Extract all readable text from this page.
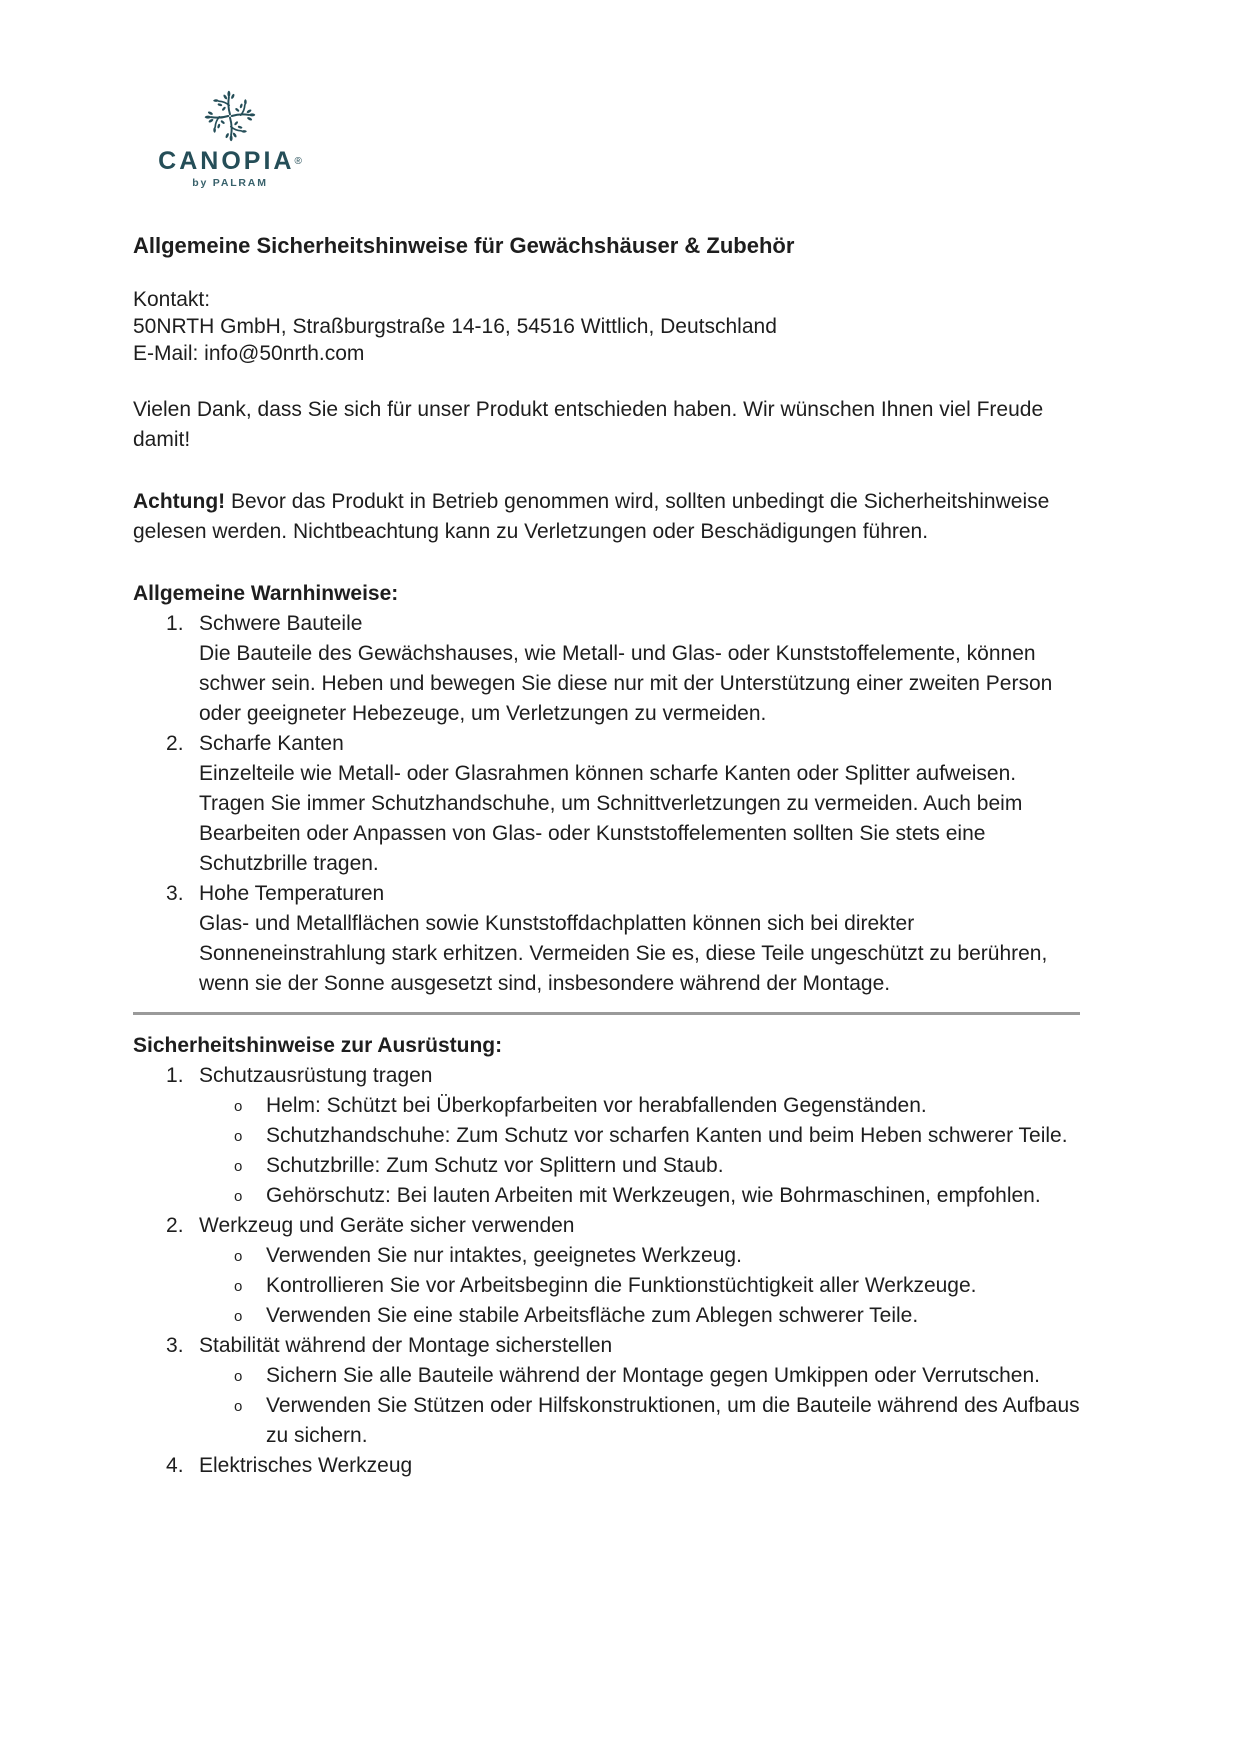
CANOPIA®
by PALRAM
Allgemeine Sicherheitshinweise für Gewächshäuser & Zubehör
Kontakt:
50NRTH GmbH, Straßburgstraße 14-16, 54516 Wittlich, Deutschland
E-Mail: info@50nrth.com

Vielen Dank, dass Sie sich für unser Produkt entschieden haben. Wir wünschen Ihnen viel Freude damit!

Achtung! Bevor das Produkt in Betrieb genommen wird, sollten unbedingt die Sicherheitshinweise gelesen werden. Nichtbeachtung kann zu Verletzungen oder Beschädigungen führen.

Allgemeine Warnhinweise:
Schwere Bauteile
Die Bauteile des Gewächshauses, wie Metall- und Glas- oder Kunststoffelemente, können schwer sein. Heben und bewegen Sie diese nur mit der Unterstützung einer zweiten Person oder geeigneter Hebezeuge, um Verletzungen zu vermeiden.
Scharfe Kanten
Einzelteile wie Metall- oder Glasrahmen können scharfe Kanten oder Splitter aufweisen. Tragen Sie immer Schutzhandschuhe, um Schnittverletzungen zu vermeiden. Auch beim Bearbeiten oder Anpassen von Glas- oder Kunststoffelementen sollten Sie stets eine Schutzbrille tragen.
Hohe Temperaturen
Glas- und Metallflächen sowie Kunststoffdachplatten können sich bei direkter Sonneneinstrahlung stark erhitzen. Vermeiden Sie es, diese Teile ungeschützt zu berühren, wenn sie der Sonne ausgesetzt sind, insbesondere während der Montage.
Sicherheitshinweise zur Ausrüstung:
Schutzausrüstung tragen
o Helm: Schützt bei Überkopfarbeiten vor herabfallenden Gegenständen.
o Schutzhandschuhe: Zum Schutz vor scharfen Kanten und beim Heben schwerer Teile.
o Schutzbrille: Zum Schutz vor Splittern und Staub.
o Gehörschutz: Bei lauten Arbeiten mit Werkzeugen, wie Bohrmaschinen, empfohlen.
Werkzeug und Geräte sicher verwenden
o Verwenden Sie nur intaktes, geeignetes Werkzeug.
o Kontrollieren Sie vor Arbeitsbeginn die Funktionstüchtigkeit aller Werkzeuge.
o Verwenden Sie eine stabile Arbeitsfläche zum Ablegen schwerer Teile.
Stabilität während der Montage sicherstellen
o Sichern Sie alle Bauteile während der Montage gegen Umkippen oder Verrutschen.
o Verwenden Sie Stützen oder Hilfskonstruktionen, um die Bauteile während des Aufbaus zu sichern.
Elektrisches Werkzeug
